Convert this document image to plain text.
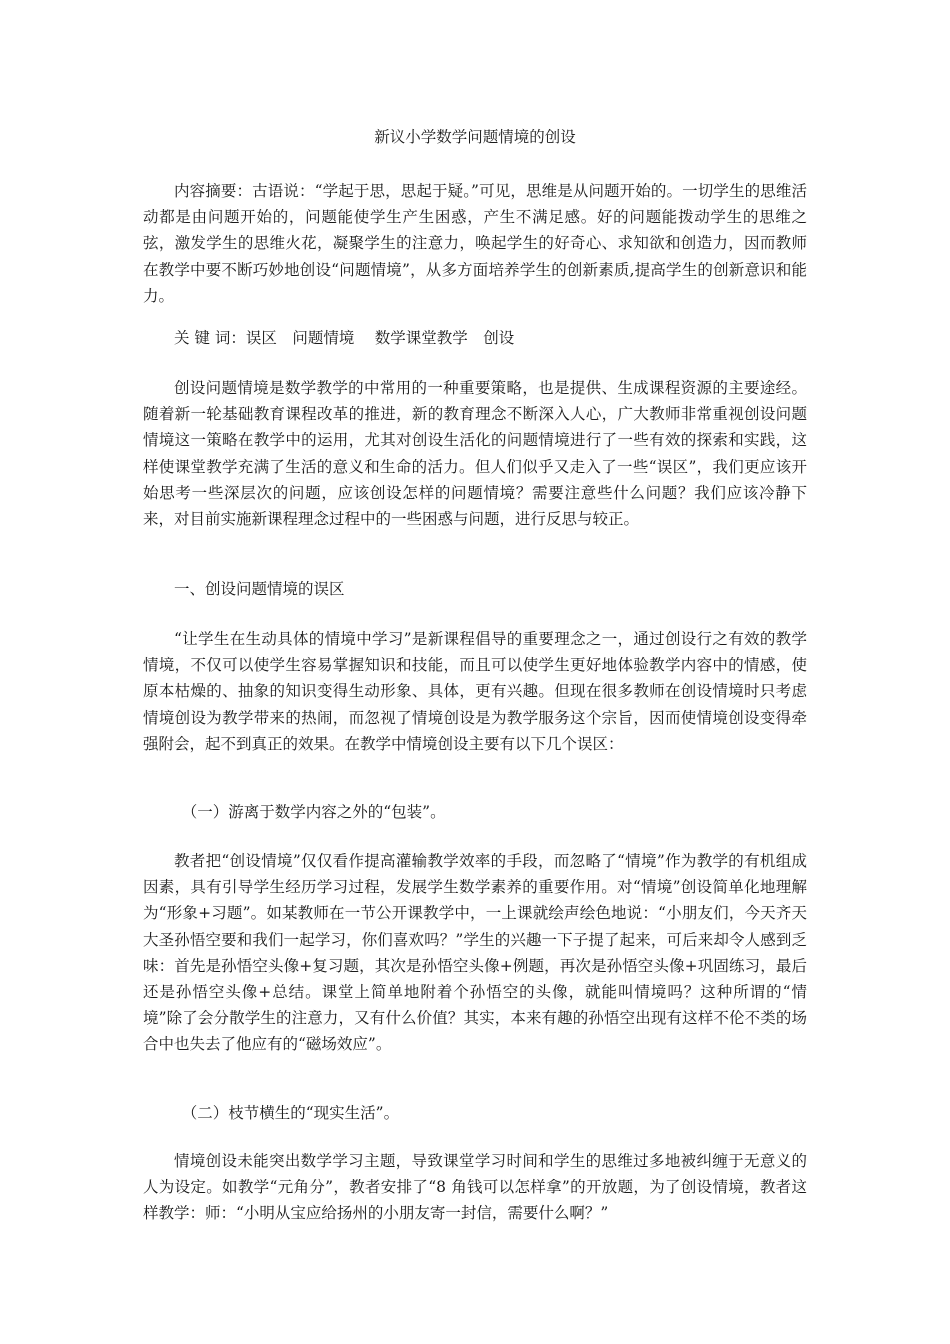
新议小学数学问题情境的创设

内容摘要：古语说：“学起于思，思起于疑。”可见，思维是从问题开始的。一切学生的思维活动都是由问题开始的，问题能使学生产生困惑，产生不满足感。好的问题能拨动学生的思维之弦，激发学生的思维火花，凝聚学生的注意力，唤起学生的好奇心、求知欲和创造力，因而教师在教学中要不断巧妙地创设“问题情境”，从多方面培养学生的创新素质,提高学生的创新意识和能力。

关 键 词：误区　问题情境　 数学课堂教学　创设

创设问题情境是数学教学的中常用的一种重要策略，也是提供、生成课程资源的主要途经。随着新一轮基础教育课程改革的推进，新的教育理念不断深入人心，广大教师非常重视创设问题情境这一策略在教学中的运用，尤其对创设生活化的问题情境进行了一些有效的探索和实践，这样使课堂教学充满了生活的意义和生命的活力。但人们似乎又走入了一些“误区”，我们更应该开始思考一些深层次的问题，应该创设怎样的问题情境？需要注意些什么问题？我们应该冷静下来，对目前实施新课程理念过程中的一些困惑与问题，进行反思与较正。

一、创设问题情境的误区

“让学生在生动具体的情境中学习”是新课程倡导的重要理念之一，通过创设行之有效的教学情境，不仅可以使学生容易掌握知识和技能，而且可以使学生更好地体验教学内容中的情感，使原本枯燥的、抽象的知识变得生动形象、具体，更有兴趣。但现在很多教师在创设情境时只考虑情境创设为教学带来的热闹，而忽视了情境创设是为教学服务这个宗旨，因而使情境创设变得牵强附会，起不到真正的效果。在教学中情境创设主要有以下几个误区：

（一）游离于数学内容之外的“包装”。

教者把“创设情境”仅仅看作提高灌输教学效率的手段，而忽略了“情境”作为教学的有机组成因素，具有引导学生经历学习过程，发展学生数学素养的重要作用。对“情境”创设简单化地理解为“形象+习题”。如某教师在一节公开课教学中，一上课就绘声绘色地说：“小朋友们，今天齐天大圣孙悟空要和我们一起学习，你们喜欢吗？”学生的兴趣一下子提了起来，可后来却令人感到乏味：首先是孙悟空头像+复习题，其次是孙悟空头像+例题，再次是孙悟空头像+巩固练习，最后还是孙悟空头像+总结。课堂上简单地附着个孙悟空的头像，就能叫情境吗？这种所谓的“情境”除了会分散学生的注意力，又有什么价值？其实，本来有趣的孙悟空出现有这样不伦不类的场合中也失去了他应有的“磁场效应”。

（二）枝节横生的“现实生活”。

情境创设未能突出数学学习主题，导致课堂学习时间和学生的思维过多地被纠缠于无意义的人为设定。如教学“元角分”，教者安排了“8 角钱可以怎样拿”的开放题，为了创设情境，教者这样教学：师：“小明从宝应给扬州的小朋友寄一封信，需要什么啊？”
